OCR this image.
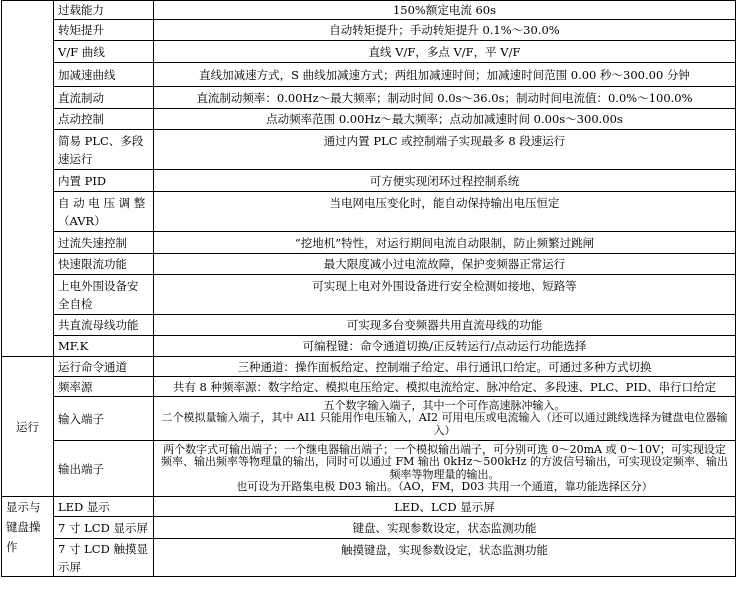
	过载能力	150%额定电流 60s
	转矩提升	自动转矩提升；手动转矩提升 0.1%～30.0%
	V/F 曲线	直线 V/F，多点 V/F，平 V/F
	加减速曲线	直线加减速方式，S 曲线加减速方式；两组加减速时间；加减速时间范围 0.00 秒～300.00 分钟
	直流制动	直流制动频率：0.00Hz～最大频率；制动时间 0.0s～36.0s；制动时间电流值：0.0%～100.0%
	点动控制	点动频率范围 0.00Hz～最大频率；点动加减速时间 0.00s～300.00s
	简易 PLC、多段速运行	通过内置 PLC 或控制端子实现最多 8 段速运行
	内置 PID	可方便实现闭环过程控制系统
	自 动 电 压 调 整（AVR）	当电网电压变化时，能自动保持输出电压恒定
	过流失速控制	“挖地机”特性，对运行期间电流自动限制，防止频繁过跳闸
	快速限流功能	最大限度减小过电流故障，保护变频器正常运行
	上电外围设备安全自检	可实现上电对外围设备进行安全检测如接地、短路等
	共直流母线功能	可实现多台变频器共用直流母线的功能
	MF.K	可编程键：命令通道切换/正反转运行/点动运行功能选择
运行	运行命令通道	三种通道：操作面板给定、控制端子给定、串行通讯口给定。可通过多种方式切换
	频率源	共有 8 种频率源：数字给定、模拟电压给定、模拟电流给定、脉冲给定、多段速、PLC、PID、串行口给定
	输入端子	五个数字输入端子，其中一个可作高速脉冲输入。
二个模拟量输入端子，其中 AI1 只能用作电压输入，AI2 可用电压或电流输入（还可以通过跳线选择为键盘电位器输入）

	输出端子	两个数字式可输出端子；一个继电器输出端子；一个模拟输出端子，可分别可选 0～20mA 或 0～10V；可实现设定频率、输出频率等物理量的输出，同时可以通过 FM 输出 0kHz～500kHz 的方波信号输出，可实现设定频率、输出频率等物理量的输出。
也可设为开路集电极 D03 输出。（AO，FM，D03 共用一个通道，靠功能选择区分）

显示与键盘操作	LED 显示	LED、LCD 显示屏
	7 寸 LCD 显示屏	键盘、实现参数设定，状态监测功能
	7 寸 LCD 触摸显示屏	触摸键盘，实现参数设定，状态监测功能
